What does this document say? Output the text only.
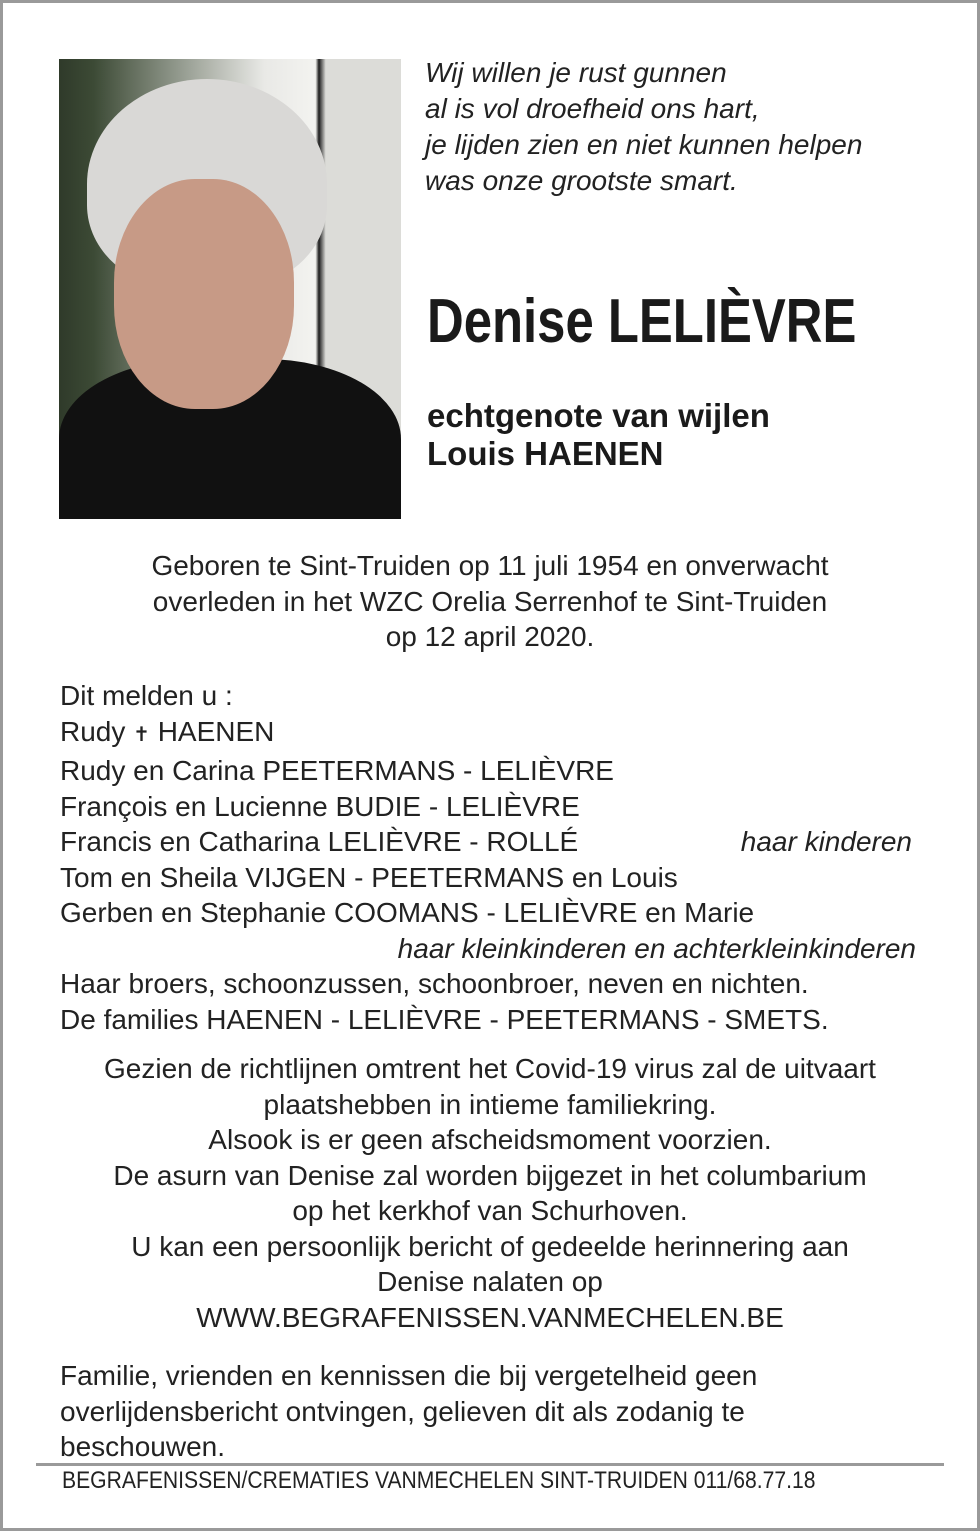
Wij willen je rust gunnen
al is vol droefheid ons hart,
je lijden zien en niet kunnen helpen
was onze grootste smart.
Denise LELIÈVRE
echtgenote van wijlen
Louis HAENEN
Geboren te Sint-Truiden op 11 juli 1954 en onverwacht
overleden in het WZC Orelia Serrenhof te Sint-Truiden
op 12 april 2020.
Dit melden u :
Rudy ✝ HAENEN
Rudy en Carina PEETERMANS - LELIÈVRE
François en Lucienne BUDIE - LELIÈVRE
Francis en Catharina LELIÈVRE - ROLLÉ	haar kinderen
Tom en Sheila VIJGEN - PEETERMANS en Louis
Gerben en Stephanie COOMANS - LELIÈVRE en Marie
haar kleinkinderen en achterkleinkinderen
Haar broers, schoonzussen, schoonbroer, neven en nichten.
De families HAENEN - LELIÈVRE - PEETERMANS - SMETS.
Gezien de richtlijnen omtrent het Covid-19 virus zal de uitvaart
plaatshebben in intieme familiekring.
Alsook is er geen afscheidsmoment voorzien.
De asurn van Denise zal worden bijgezet in het columbarium
op het kerkhof van Schurhoven.
U kan een persoonlijk bericht of gedeelde herinnering aan
Denise nalaten op
WWW.BEGRAFENISSEN.VANMECHELEN.BE
Familie, vrienden en kennissen die bij vergetelheid geen
overlijdensbericht ontvingen, gelieven dit als zodanig te
beschouwen.
BEGRAFENISSEN/CREMATIES VANMECHELEN SINT-TRUIDEN 011/68.77.18
